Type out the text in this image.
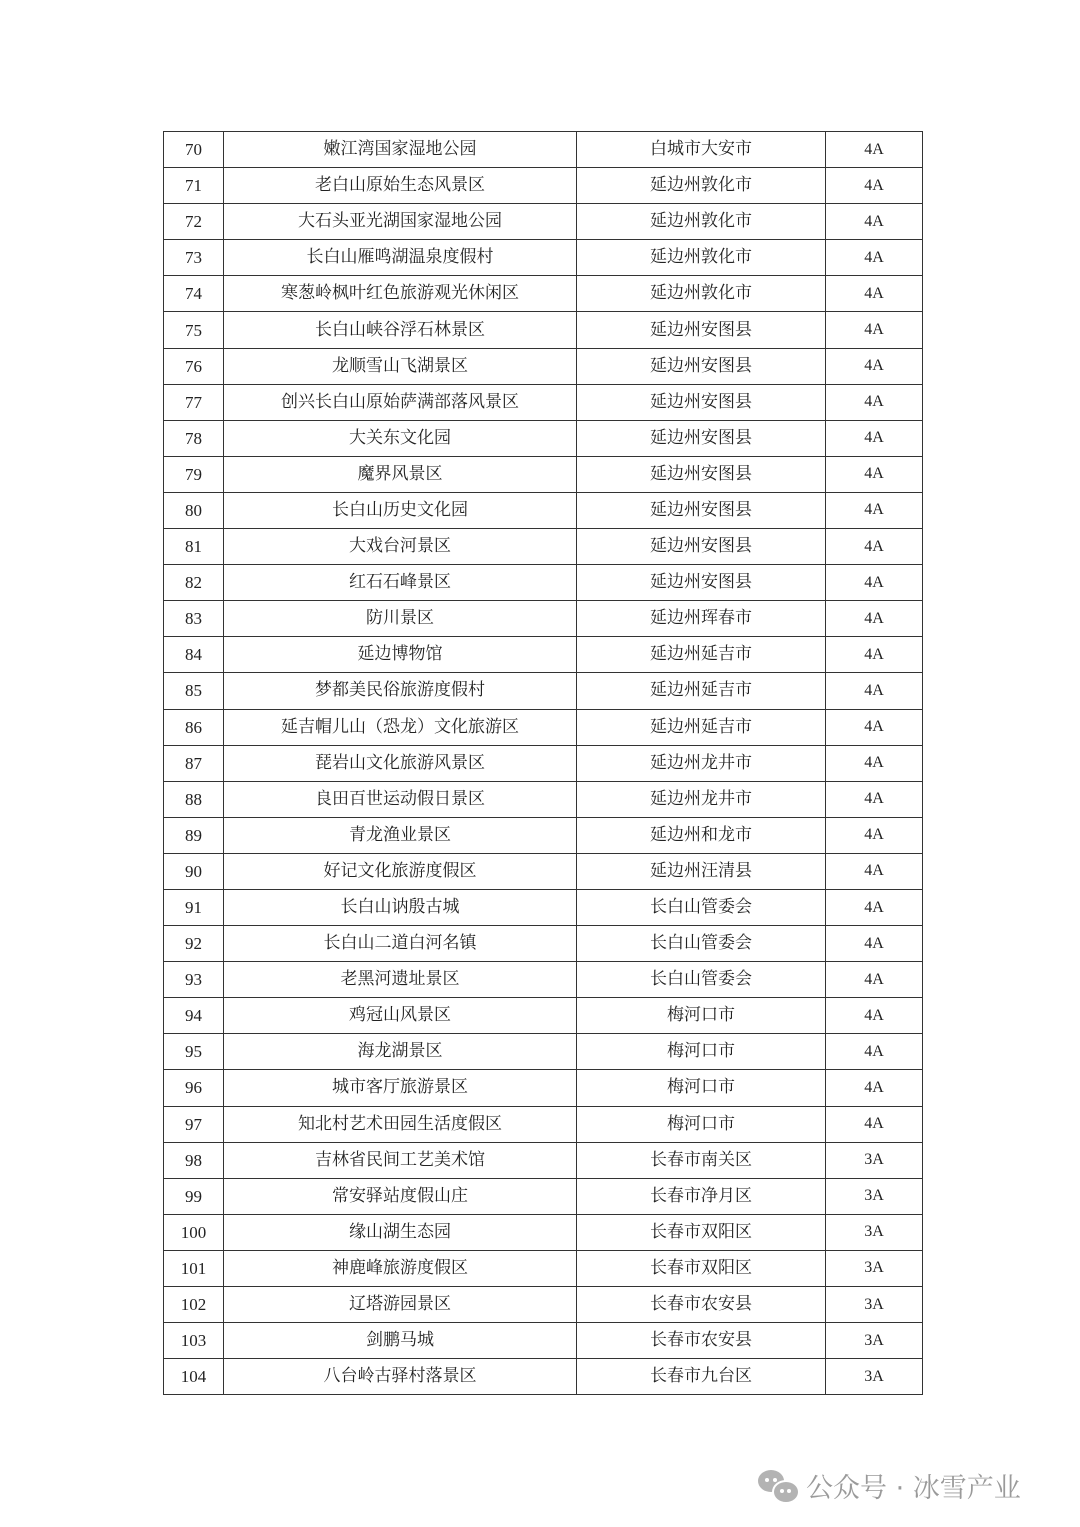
70	嫩江湾国家湿地公园	白城市大安市	4A
71	老白山原始生态风景区	延边州敦化市	4A
72	大石头亚光湖国家湿地公园	延边州敦化市	4A
73	长白山雁鸣湖温泉度假村	延边州敦化市	4A
74	寒葱岭枫叶红色旅游观光休闲区	延边州敦化市	4A
75	长白山峡谷浮石林景区	延边州安图县	4A
76	龙顺雪山飞湖景区	延边州安图县	4A
77	创兴长白山原始萨满部落风景区	延边州安图县	4A
78	大关东文化园	延边州安图县	4A
79	魔界风景区	延边州安图县	4A
80	长白山历史文化园	延边州安图县	4A
81	大戏台河景区	延边州安图县	4A
82	红石石峰景区	延边州安图县	4A
83	防川景区	延边州珲春市	4A
84	延边博物馆	延边州延吉市	4A
85	梦都美民俗旅游度假村	延边州延吉市	4A
86	延吉帽儿山（恐龙）文化旅游区	延边州延吉市	4A
87	琵岩山文化旅游风景区	延边州龙井市	4A
88	良田百世运动假日景区	延边州龙井市	4A
89	青龙渔业景区	延边州和龙市	4A
90	好记文化旅游度假区	延边州汪清县	4A
91	长白山讷殷古城	长白山管委会	4A
92	长白山二道白河名镇	长白山管委会	4A
93	老黑河遗址景区	长白山管委会	4A
94	鸡冠山风景区	梅河口市	4A
95	海龙湖景区	梅河口市	4A
96	城市客厅旅游景区	梅河口市	4A
97	知北村艺术田园生活度假区	梅河口市	4A
98	吉林省民间工艺美术馆	长春市南关区	3A
99	常安驿站度假山庄	长春市净月区	3A
100	缘山湖生态园	长春市双阳区	3A
101	神鹿峰旅游度假区	长春市双阳区	3A
102	辽塔游园景区	长春市农安县	3A
103	剑鹏马城	长春市农安县	3A
104	八台岭古驿村落景区	长春市九台区	3A
公众号 · 冰雪产业
